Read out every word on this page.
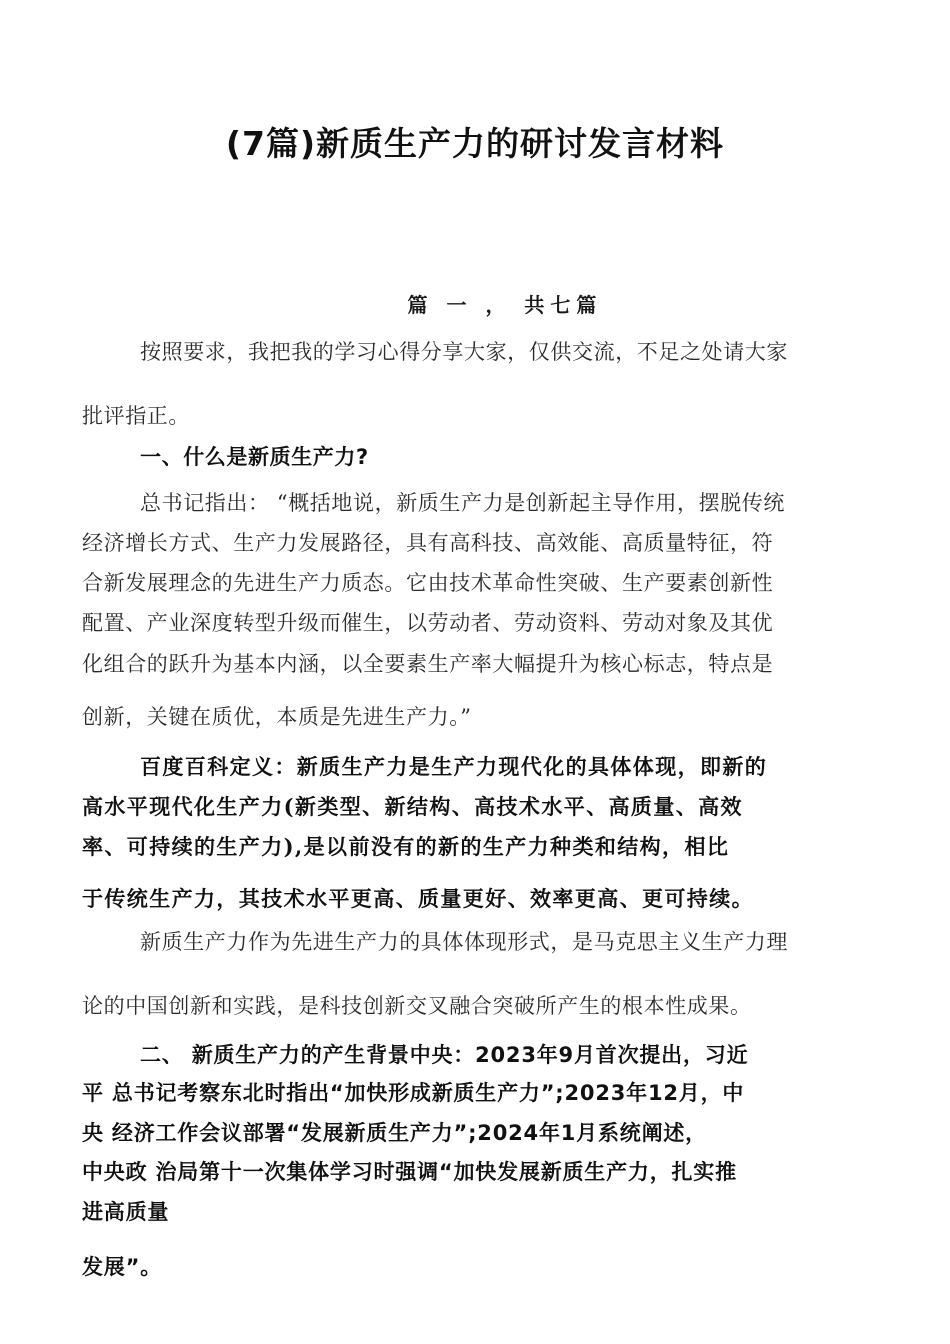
(7篇)新质生产力的研讨发言材料
篇 一 ， 共七篇
按照要求，我把我的学习心得分享大家，仅供交流，不足之处请大家
批评指正。
一、什么是新质生产力?
总书记指出： “概括地说，新质生产力是创新起主导作用，摆脱传统
经济增长方式、生产力发展路径，具有高科技、高效能、高质量特征，符
合新发展理念的先进生产力质态。它由技术革命性突破、生产要素创新性
配置、产业深度转型升级而催生，以劳动者、劳动资料、劳动对象及其优
化组合的跃升为基本内涵，以全要素生产率大幅提升为核心标志，特点是
创新，关键在质优，本质是先进生产力。”
百度百科定义：新质生产力是生产力现代化的具体体现，即新的
高水平现代化生产力(新类型、新结构、高技术水平、高质量、高效
率、可持续的生产力),是以前没有的新的生产力种类和结构，相比
于传统生产力，其技术水平更高、质量更好、效率更高、更可持续。
新质生产力作为先进生产力的具体体现形式，是马克思主义生产力理
论的中国创新和实践，是科技创新交叉融合突破所产生的根本性成果。
二、 新质生产力的产生背景中央：2023年9月首次提出，习近
平 总书记考察东北时指出“加快形成新质生产力”;2023年12月，中
央 经济工作会议部署“发展新质生产力”;2024年1月系统阐述，
中央政 治局第十一次集体学习时强调“加快发展新质生产力，扎实推
进高质量
发展”。
